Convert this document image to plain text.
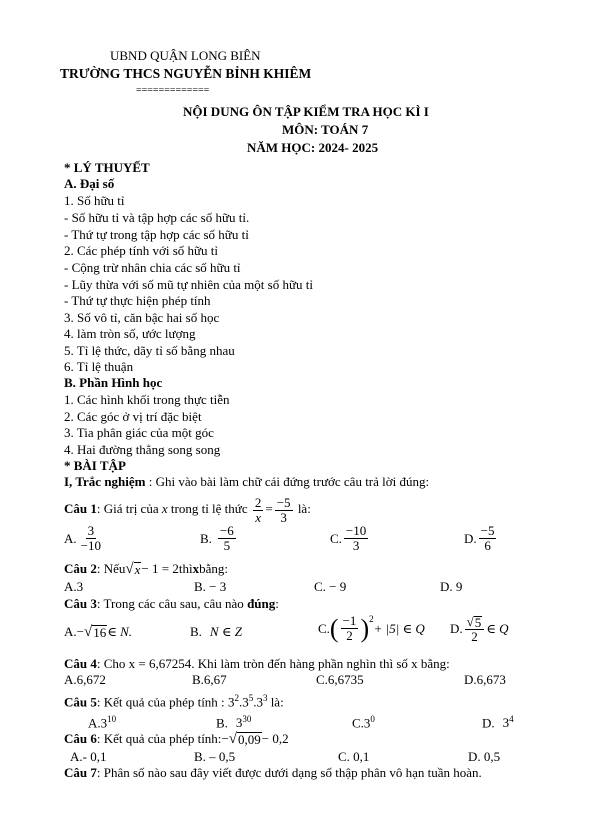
UBND QUẬN LONG BIÊN
TRƯỜNG THCS NGUYỄN BỈNH KHIÊM
=============
NỘI DUNG ÔN TẬP KIỂM TRA HỌC KÌ I
MÔN: TOÁN 7
NĂM HỌC: 2024- 2025
* LÝ THUYẾT
A. Đại số
1. Số hữu tỉ
- Số hữu tỉ và tập hợp các số hữu tỉ.
- Thứ tự trong tập hợp các số hữu tỉ
2. Các phép tính với số hữu tỉ
- Cộng trừ nhân chia các số hữu tỉ
- Lũy thừa với số mũ tự nhiên của một số hữu tỉ
- Thứ tự thực hiện phép tính
3. Số vô tỉ, căn bậc hai số học
4. làm tròn số, ước lượng
5. Tỉ lệ thức, dãy tỉ số bằng nhau
6. Tỉ lệ thuận
B. Phần Hình học
1. Các hình khối trong thực tiễn
2. Các góc ở vị trí đặc biệt
3. Tia phân giác của một góc
4. Hai đường thẳng song song
* BÀI TẬP
I, Trắc nghiệm : Ghi vào bài làm chữ cái đứng trước câu trả lời đúng:
Câu 1: Giá trị của x trong tỉ lệ thức $\frac{2}{x} = \frac{-5}{3}$ là:
A. $\frac{3}{-10}$	B. $\frac{-6}{5}$	C. $\frac{-10}{3}$	D. $\frac{-5}{6}$
Câu 2 : Nếu √ x − 1 = 2 thì x bằng:
A.3	B. − 3	C. − 9	D. 9
Câu 3: Trong các câu sau, câu nào đúng:
A. − √ 16 ∈ N.	B. N ∈ Z	C. ( $\frac{-1}{2} )^2$
+ |5| ∈ Q D. $\frac{√ 5}{2}$ ∈ Q
Câu 4: Cho x = 6,67254. Khi làm tròn đến hàng phần nghìn thì số x bằng:
A.6,672	B.6,67	C.6,6735	D.6,673
Câu 5: Kết quả của phép tính : $3^2.3^5.3^3$ là:
$A.3^{10}$	B. $3^{30}$	$C.3^0$	D. $3^4$
Câu 6 : Kết quả của phép tính: − √ 0,09 − 0,2
A.- 0,1	B. – 0,5	C. 0,1	D. 0,5
Câu 7: Phân số nào sau đây viết được dưới dạng số thập phân vô hạn tuần hoàn.
